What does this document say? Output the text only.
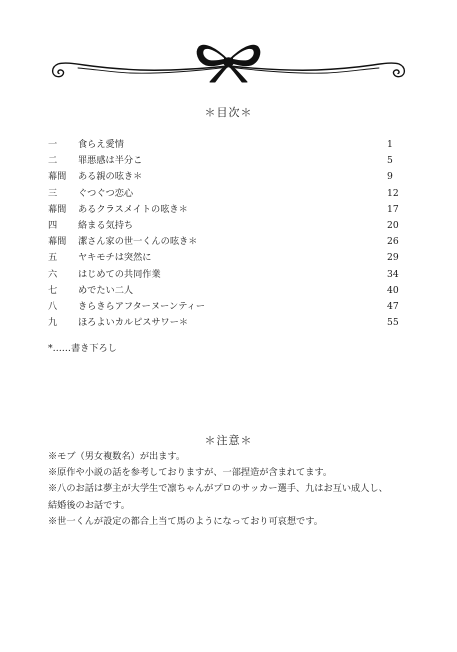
＊目次＊
一 食らえ愛情	1
二 罪悪感は半分こ	5
幕間 ある親の呟き＊	9
三 ぐつぐつ恋心	12
幕間 あるクラスメイトの呟き＊	17
四 絡まる気持ち	20
幕間 潔さん家の世一くんの呟き＊	26
五 ヤキモチは突然に	29
六 はじめての共同作業	34
七 めでたい二人	40
八 きらきらアフターヌーンティー	47
九 ほろよいカルピスサワー＊	55
*……書き下ろし
＊注意＊
※モブ（男女複数名）が出ます。
※原作や小説の話を参考しておりますが、一部捏造が含まれてます。
※八のお話は夢主が大学生で凛ちゃんがプロのサッカー選手、九はお互い成人し、
結婚後のお話です。
※世一くんが設定の都合上当て馬のようになっており可哀想です。
